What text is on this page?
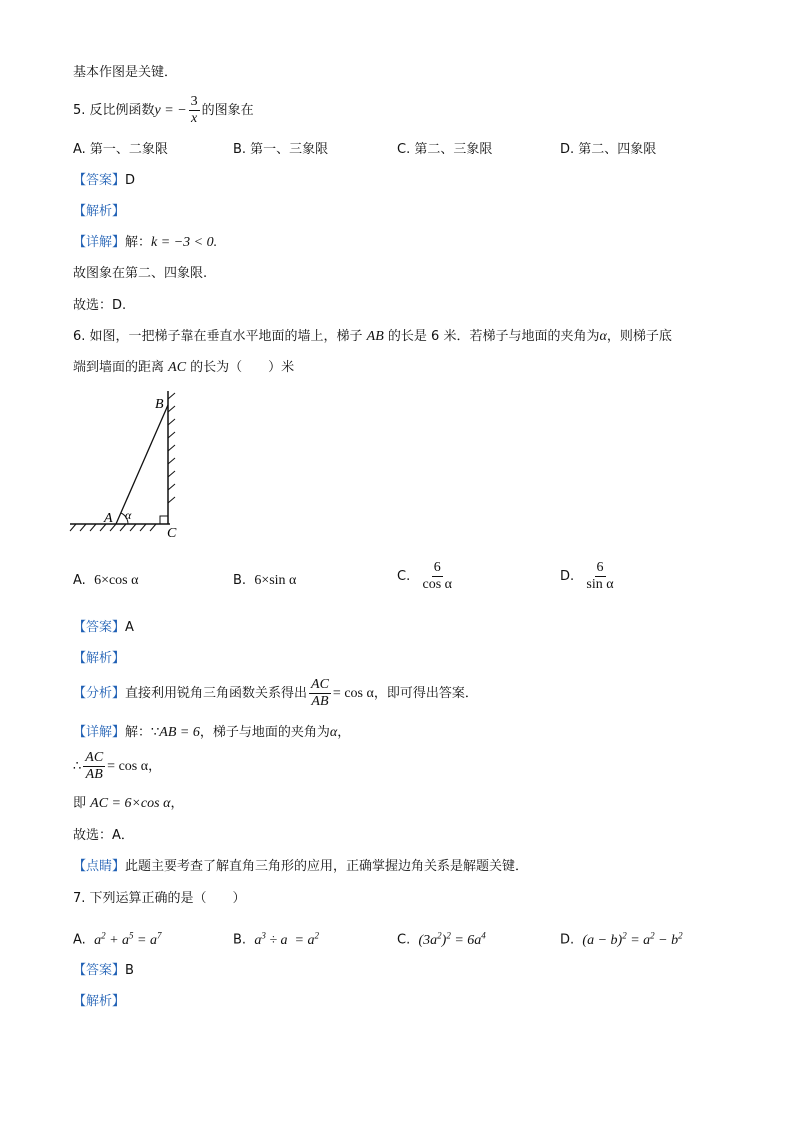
基本作图是关键．
5. 反比例函数y = − $\frac{3}{x}$ 的图象在
A. 第一、二象限	B. 第一、三象限	C. 第二、三象限	D. 第二、四象限
【答案】D
【解析】
【详解】解：k = −3 < 0.
故图象在第二、四象限.
故选：D.
6. 如图，一把梯子靠在垂直水平地面的墙上，梯子 AB 的长是 6 米．若梯子与地面的夹角为α，则梯子底
端到墙面的距离 AC 的长为（　　）米
B
A α
C
A. 6×cos α	B. 6×sin α	C. $\frac{6}{\text{cos α}}$	D. $\frac{6}{\text{sin α}}$
【答案】A
【解析】
【分析】直接利用锐角三角函数关系得出 $\frac{AC}{AB} = \cos \alpha$，即可得出答案．
【详解】解：∵AB = 6，梯子与地面的夹角为α，
∴ $\frac{AC}{AB} = \cos \alpha$，
即 AC = 6×cos α，
故选：A．
【点睛】此题主要考查了解直角三角形的应用，正确掌握边角关系是解题关键．
7. 下列运算正确的是（　　）
A. $a^2 + a^5 = a^7$	B. $a^3 \div a = a^2$	C. $(3a^2)^2 = 6a^4$	D. $(a - b)^2 = a^2 - b^2$
【答案】B
【解析】
